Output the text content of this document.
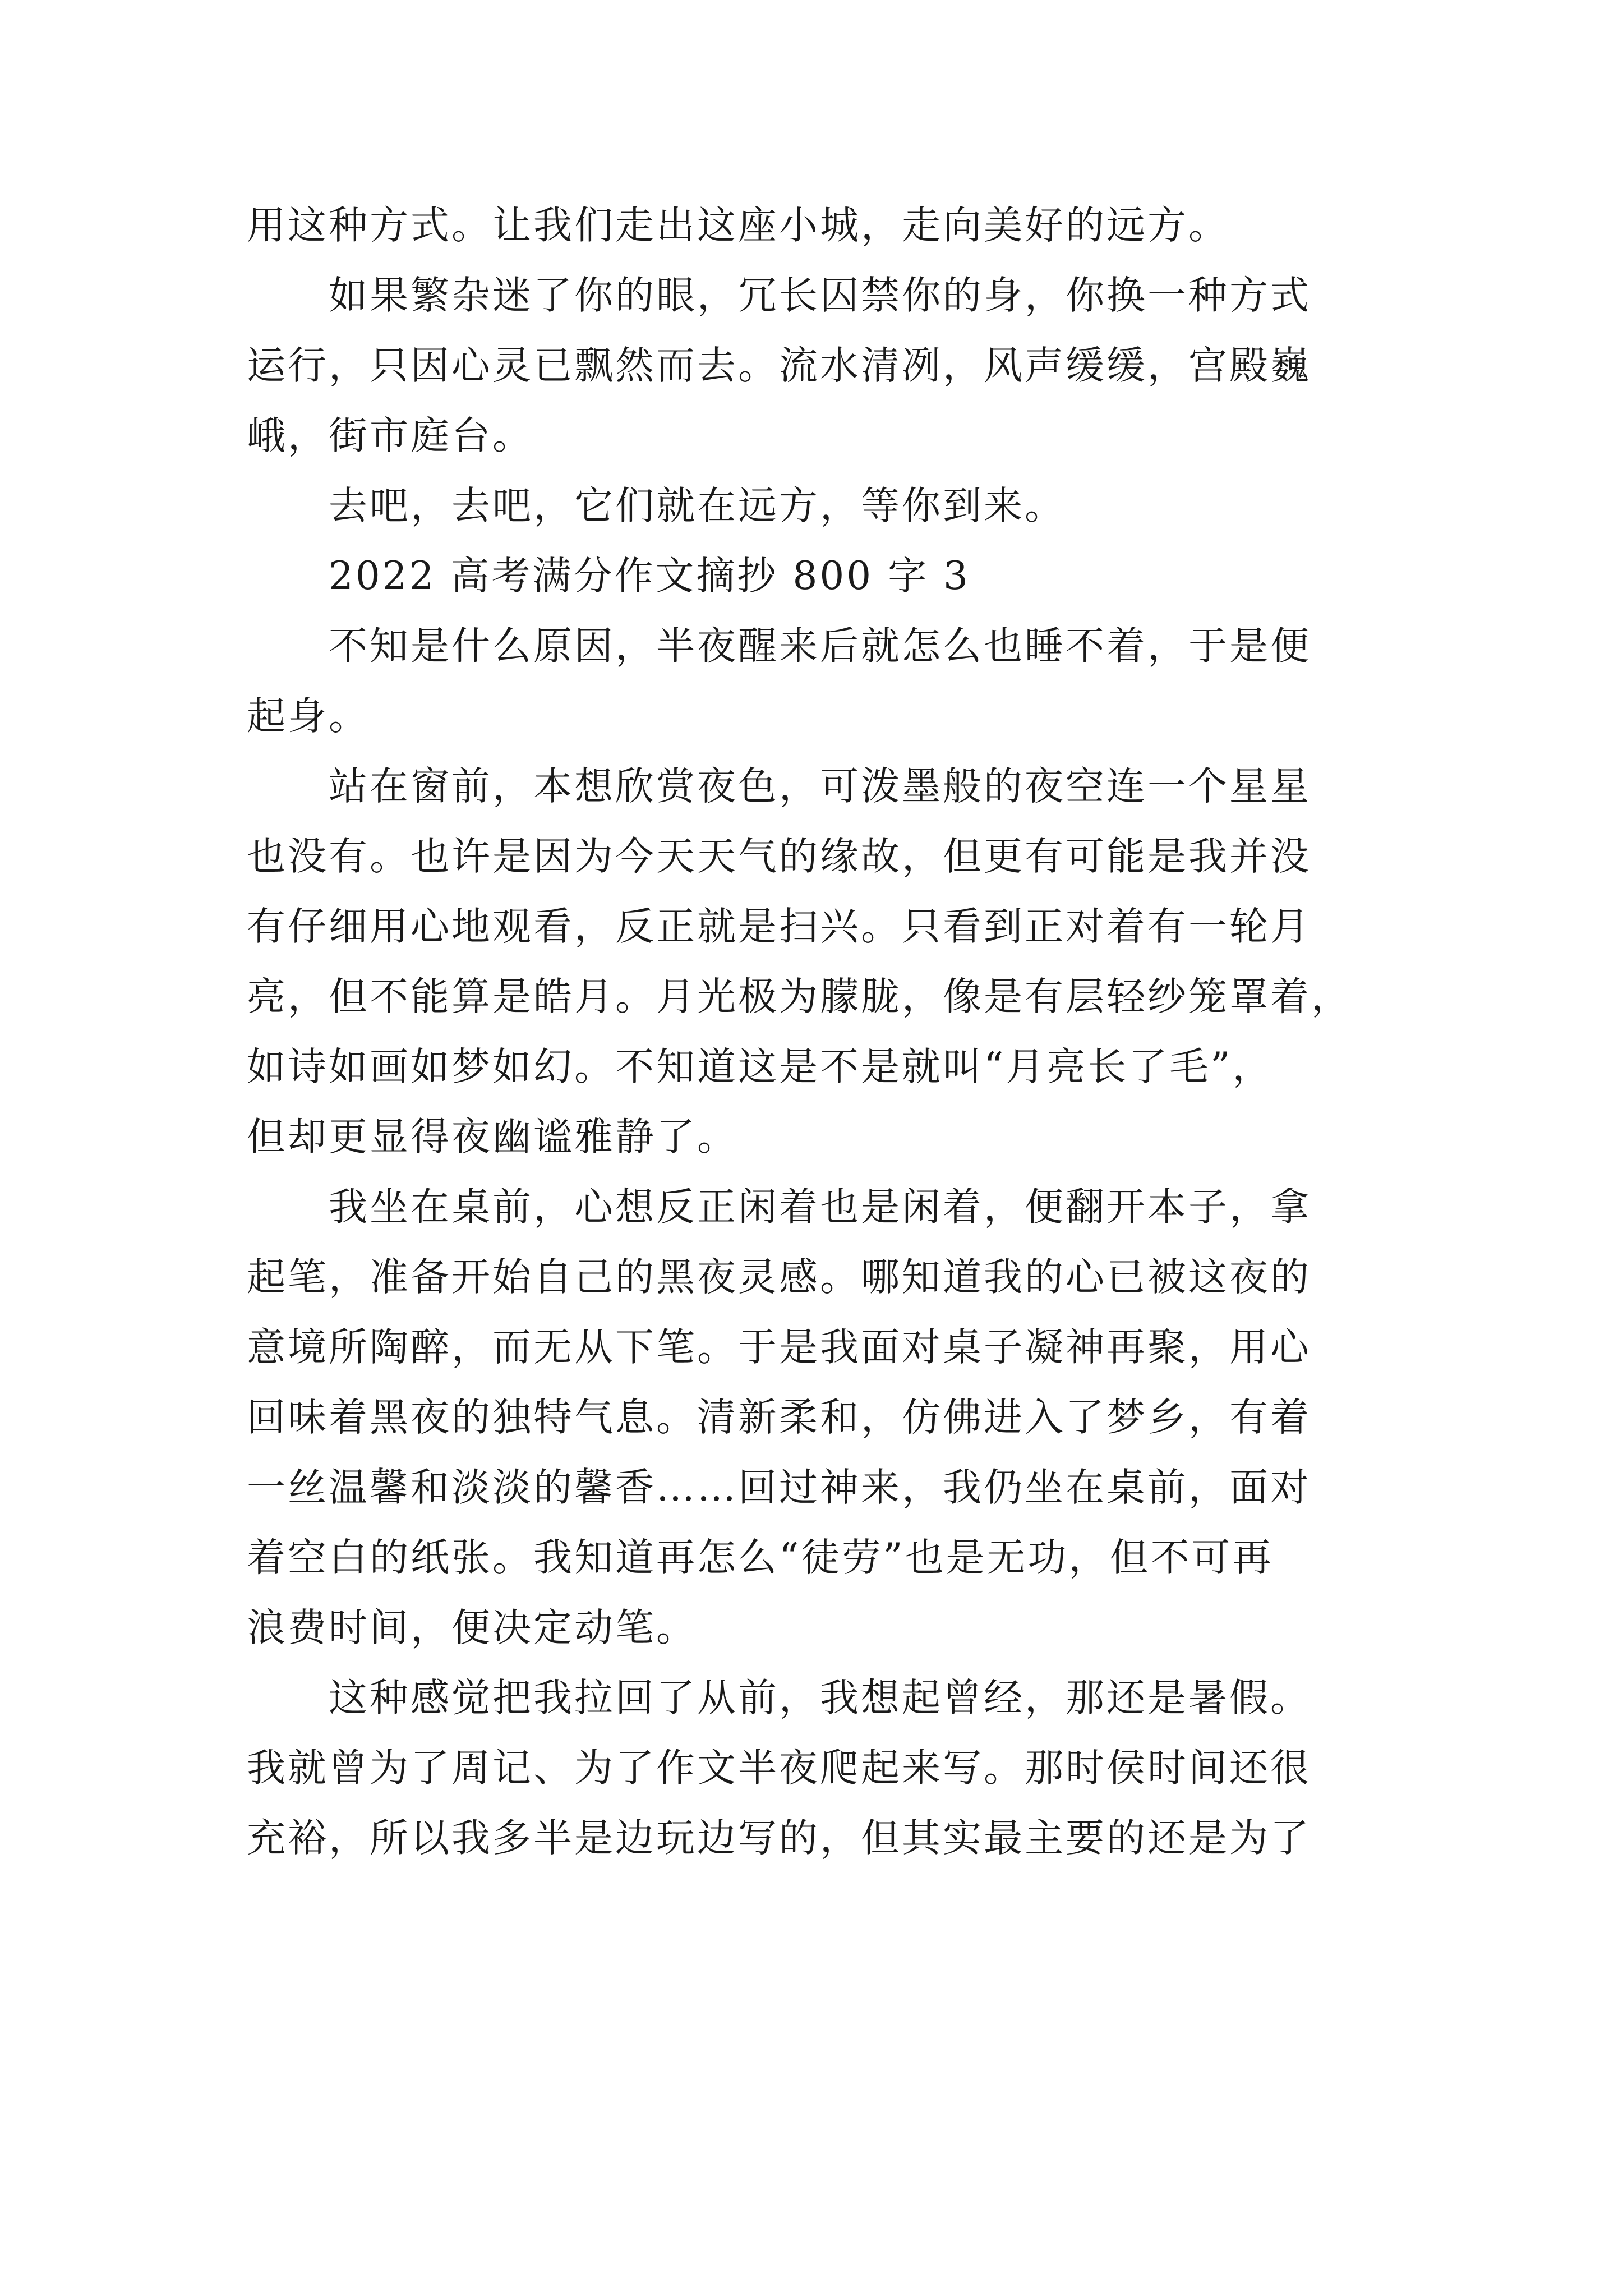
用这种方式。让我们走出这座小城，走向美好的远方。

　　如果繁杂迷了你的眼，冗长囚禁你的身，你换一种方式

运行，只因心灵已飘然而去。流水清冽，风声缓缓，宫殿巍

峨，街市庭台。

　　去吧，去吧，它们就在远方，等你到来。

　　2022 高考满分作文摘抄 800 字 3

　　不知是什么原因，半夜醒来后就怎么也睡不着，于是便

起身。

　　站在窗前，本想欣赏夜色，可泼墨般的夜空连一个星星

也没有。也许是因为今天天气的缘故，但更有可能是我并没

有仔细用心地观看，反正就是扫兴。只看到正对着有一轮月

亮，但不能算是皓月。月光极为朦胧，像是有层轻纱笼罩着，

如诗如画如梦如幻。不知道这是不是就叫“月亮长了毛”，

但却更显得夜幽谧雅静了。

　　我坐在桌前，心想反正闲着也是闲着，便翻开本子，拿

起笔，准备开始自己的黑夜灵感。哪知道我的心已被这夜的

意境所陶醉，而无从下笔。于是我面对桌子凝神再聚，用心

回味着黑夜的独特气息。清新柔和，仿佛进入了梦乡，有着

一丝温馨和淡淡的馨香……回过神来，我仍坐在桌前，面对

着空白的纸张。我知道再怎么“徒劳”也是无功，但不可再

浪费时间，便决定动笔。

　　这种感觉把我拉回了从前，我想起曾经，那还是暑假。

我就曾为了周记、为了作文半夜爬起来写。那时侯时间还很

充裕，所以我多半是边玩边写的，但其实最主要的还是为了
